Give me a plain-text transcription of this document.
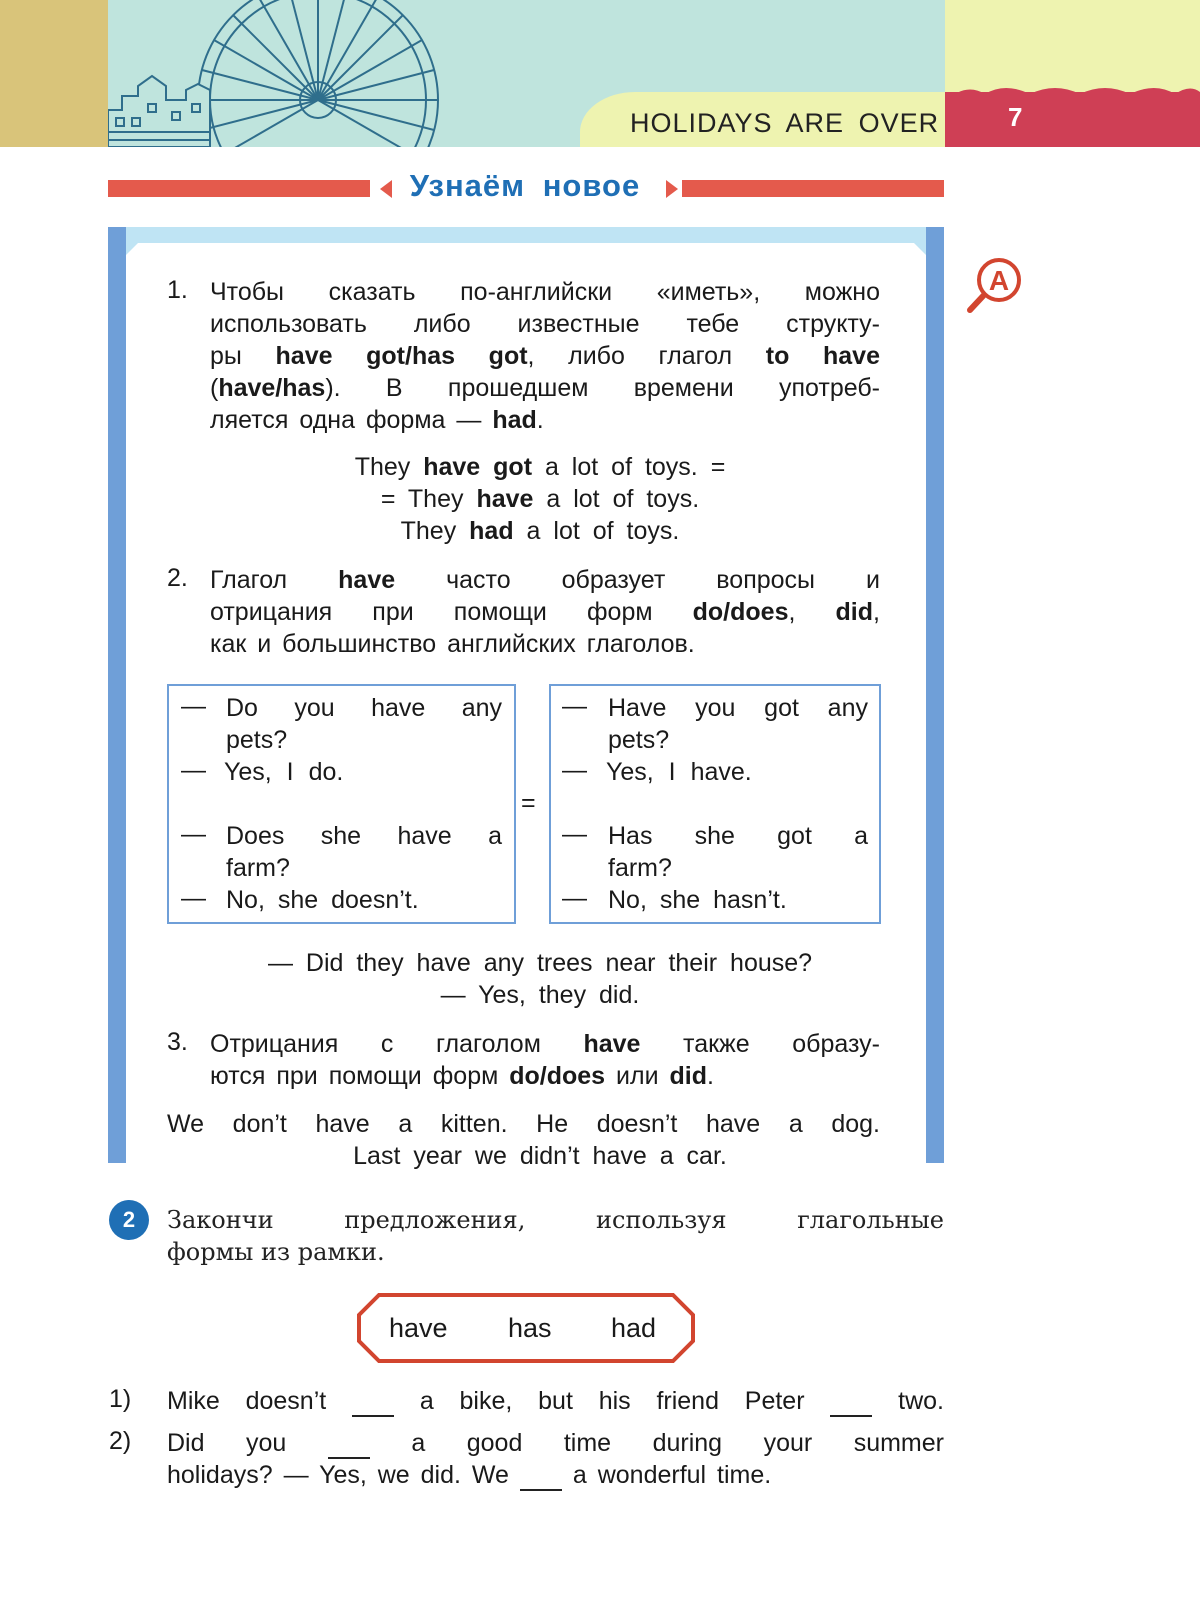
HOLIDAYS ARE OVER	7
Узнаём новое
A
1. Чтобы сказать по-английски «иметь», можно
использовать либо известные тебе структу-
ры have got/has got, либо глагол to have
(have/has). В прошедшем времени употреб-
ляется одна форма — had.
They have got a lot of toys. =
= They have a lot of toys.
They had a lot of toys.
2. Глагол have часто образует вопросы и
отрицания при помощи форм do/does, did,
как и большинство английских глаголов.
=
— Do you have any
pets?
— Yes, I do.
— Does she have a
farm?
— No, she doesn’t.
— Have you got any
pets?
— Yes, I have.
— Has she got a
farm?
— No, she hasn’t.
— Did they have any trees near their house?
— Yes, they did.
3. Отрицания с глаголом have также образу-
ются при помощи форм do/does или did.
We don’t have a kitten. He doesn’t have a dog.
Last year we didn’t have a car.
2	Закончи предложения, используя глагольные
формы из рамки.
have has had
1) Mike doesn’t  a bike, but his friend Peter  two.
2) Did you  a good time during your summer
holidays? — Yes, we did. We  a wonderful time.
